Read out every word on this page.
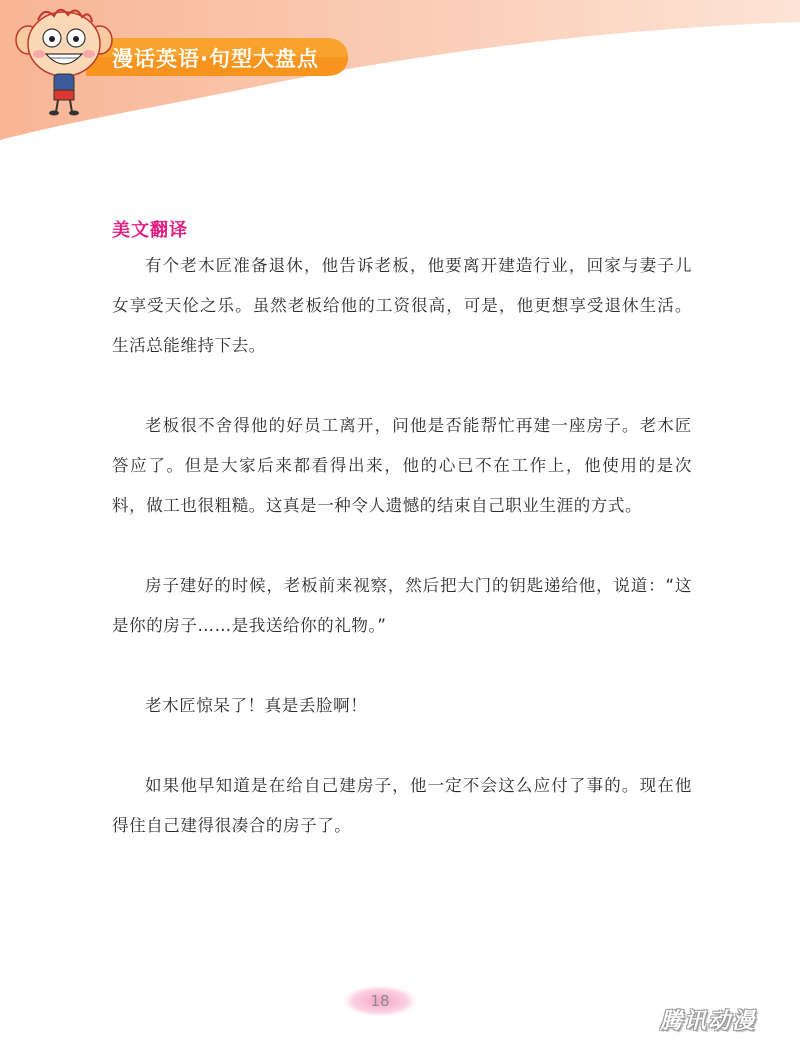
漫话英语·句型大盘点
美文翻译

有个老木匠准备退休，他告诉老板，他要离开建造行业，回家与妻子儿女享受天伦之乐。虽然老板给他的工资很高，可是，他更想享受退休生活。生活总能维持下去。

老板很不舍得他的好员工离开，问他是否能帮忙再建一座房子。老木匠答应了。但是大家后来都看得出来，他的心已不在工作上，他使用的是次料，做工也很粗糙。这真是一种令人遗憾的结束自己职业生涯的方式。

房子建好的时候，老板前来视察，然后把大门的钥匙递给他，说道：“这是你的房子……是我送给你的礼物。”

老木匠惊呆了！真是丢脸啊！

如果他早知道是在给自己建房子，他一定不会这么应付了事的。现在他得住自己建得很凑合的房子了。

18
腾讯动漫
